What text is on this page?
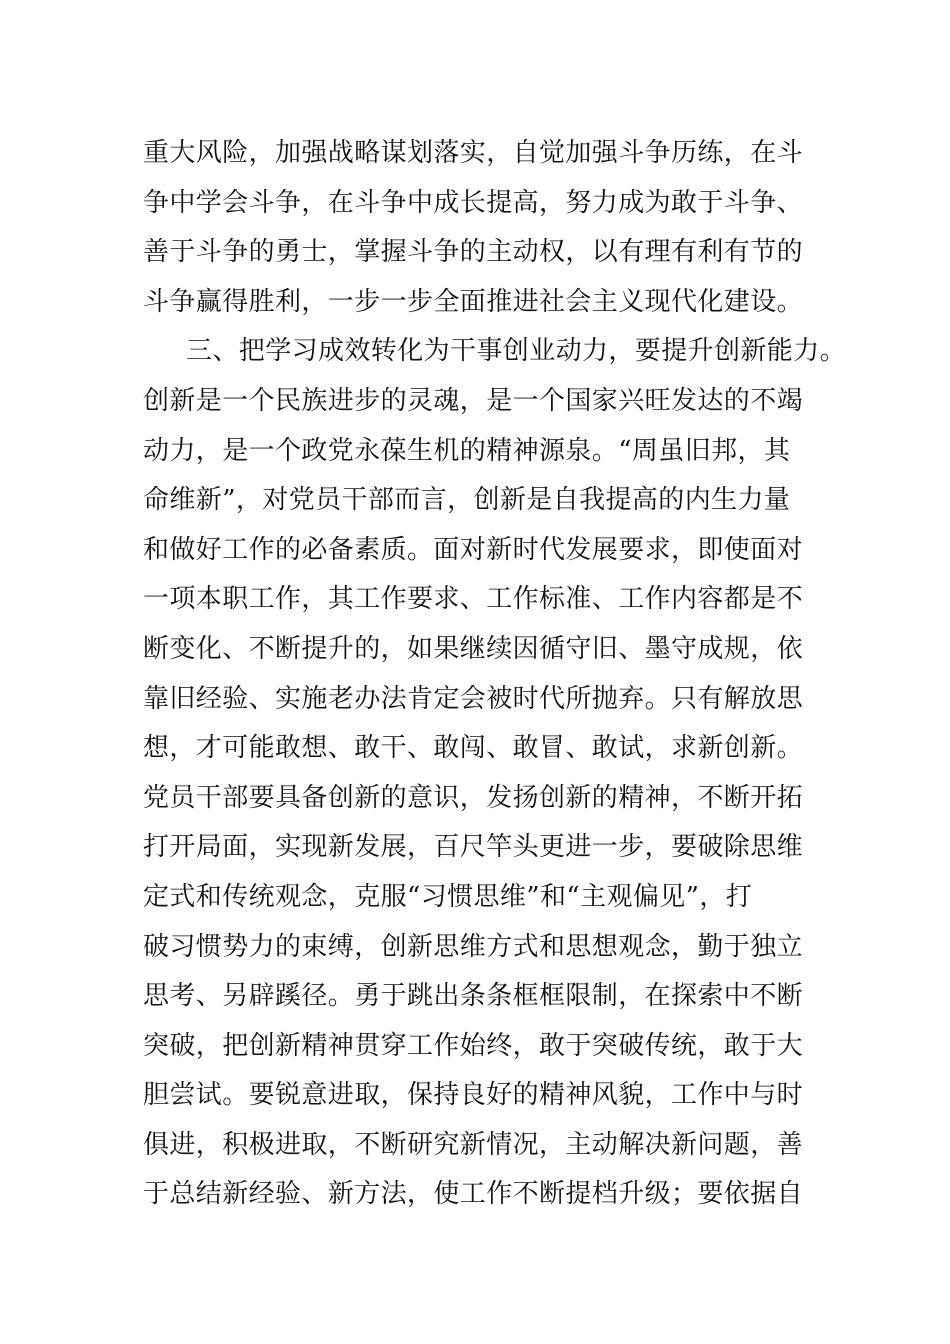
重大风险，加强战略谋划落实，自觉加强斗争历练，在斗
争中学会斗争，在斗争中成长提高，努力成为敢于斗争、
善于斗争的勇士，掌握斗争的主动权，以有理有利有节的
斗争赢得胜利，一步一步全面推进社会主义现代化建设。
三、把学习成效转化为干事创业动力，要提升创新能力。
创新是一个民族进步的灵魂，是一个国家兴旺发达的不竭
动力，是一个政党永葆生机的精神源泉。“周虽旧邦，其
命维新”，对党员干部而言，创新是自我提高的内生力量
和做好工作的必备素质。面对新时代发展要求，即使面对
一项本职工作，其工作要求、工作标准、工作内容都是不
断变化、不断提升的，如果继续因循守旧、墨守成规，依
靠旧经验、实施老办法肯定会被时代所抛弃。只有解放思
想，才可能敢想、敢干、敢闯、敢冒、敢试，求新创新。
党员干部要具备创新的意识，发扬创新的精神，不断开拓
打开局面，实现新发展，百尺竿头更进一步，要破除思维
定式和传统观念，克服“习惯思维”和“主观偏见”，打
破习惯势力的束缚，创新思维方式和思想观念，勤于独立
思考、另辟蹊径。勇于跳出条条框框限制，在探索中不断
突破，把创新精神贯穿工作始终，敢于突破传统，敢于大
胆尝试。要锐意进取，保持良好的精神风貌，工作中与时
俱进，积极进取，不断研究新情况，主动解决新问题，善
于总结新经验、新方法，使工作不断提档升级；要依据自
